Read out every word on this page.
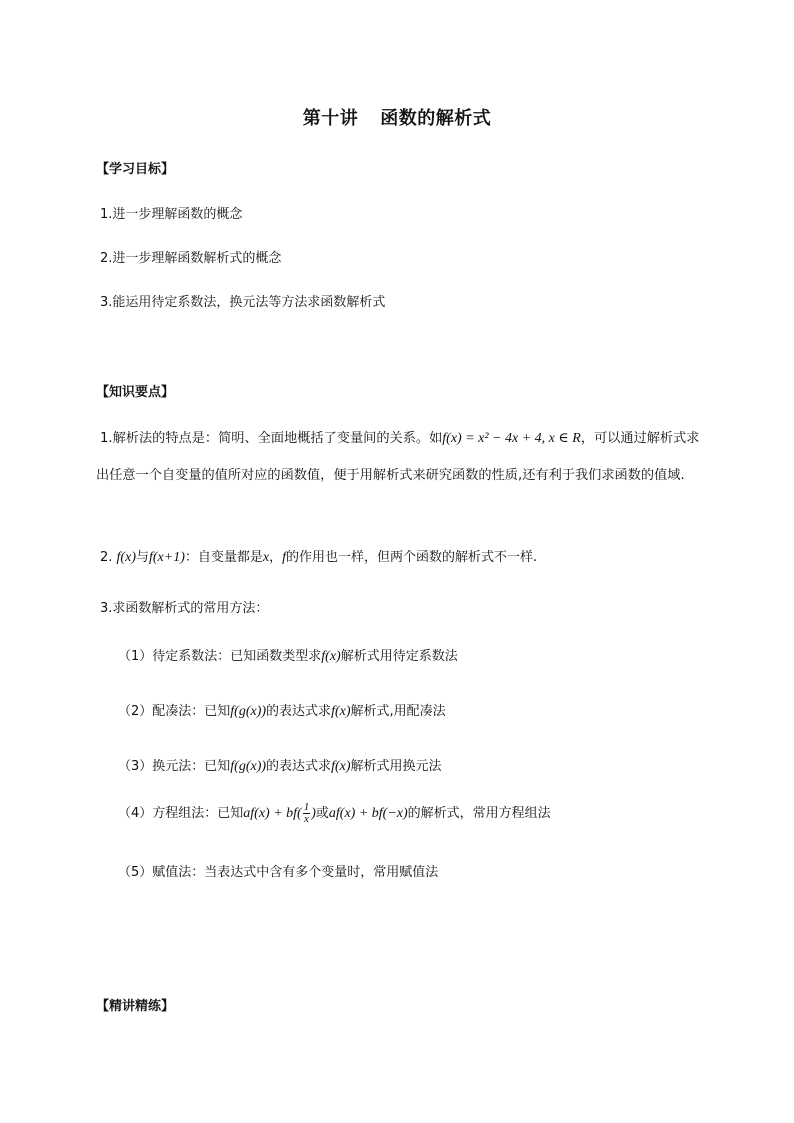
第十讲 函数的解析式
【学习目标】
1.进一步理解函数的概念
2.进一步理解函数解析式的概念
3.能运用待定系数法，换元法等方法求函数解析式
【知识要点】
1.解析法的特点是：简明、全面地概括了变量间的关系。如f(x) = x² − 4x + 4, x ∈ R，可以通过解析式求出任意一个自变量的值所对应的函数值，便于用解析式来研究函数的性质,还有利于我们求函数的值域.
2. f(x)与f(x+1)：自变量都是x，f的作用也一样，但两个函数的解析式不一样.
3.求函数解析式的常用方法：
（1）待定系数法：已知函数类型求f(x)解析式用待定系数法
（2）配凑法：已知f(g(x))的表达式求f(x)解析式,用配凑法
（3）换元法：已知f(g(x))的表达式求f(x)解析式用换元法
（4）方程组法：已知$af(x) + bf( \frac{1}{x}$ )或af(x) + bf(−x)的解析式，常用方程组法
（5）赋值法：当表达式中含有多个变量时，常用赋值法
【精讲精练】
